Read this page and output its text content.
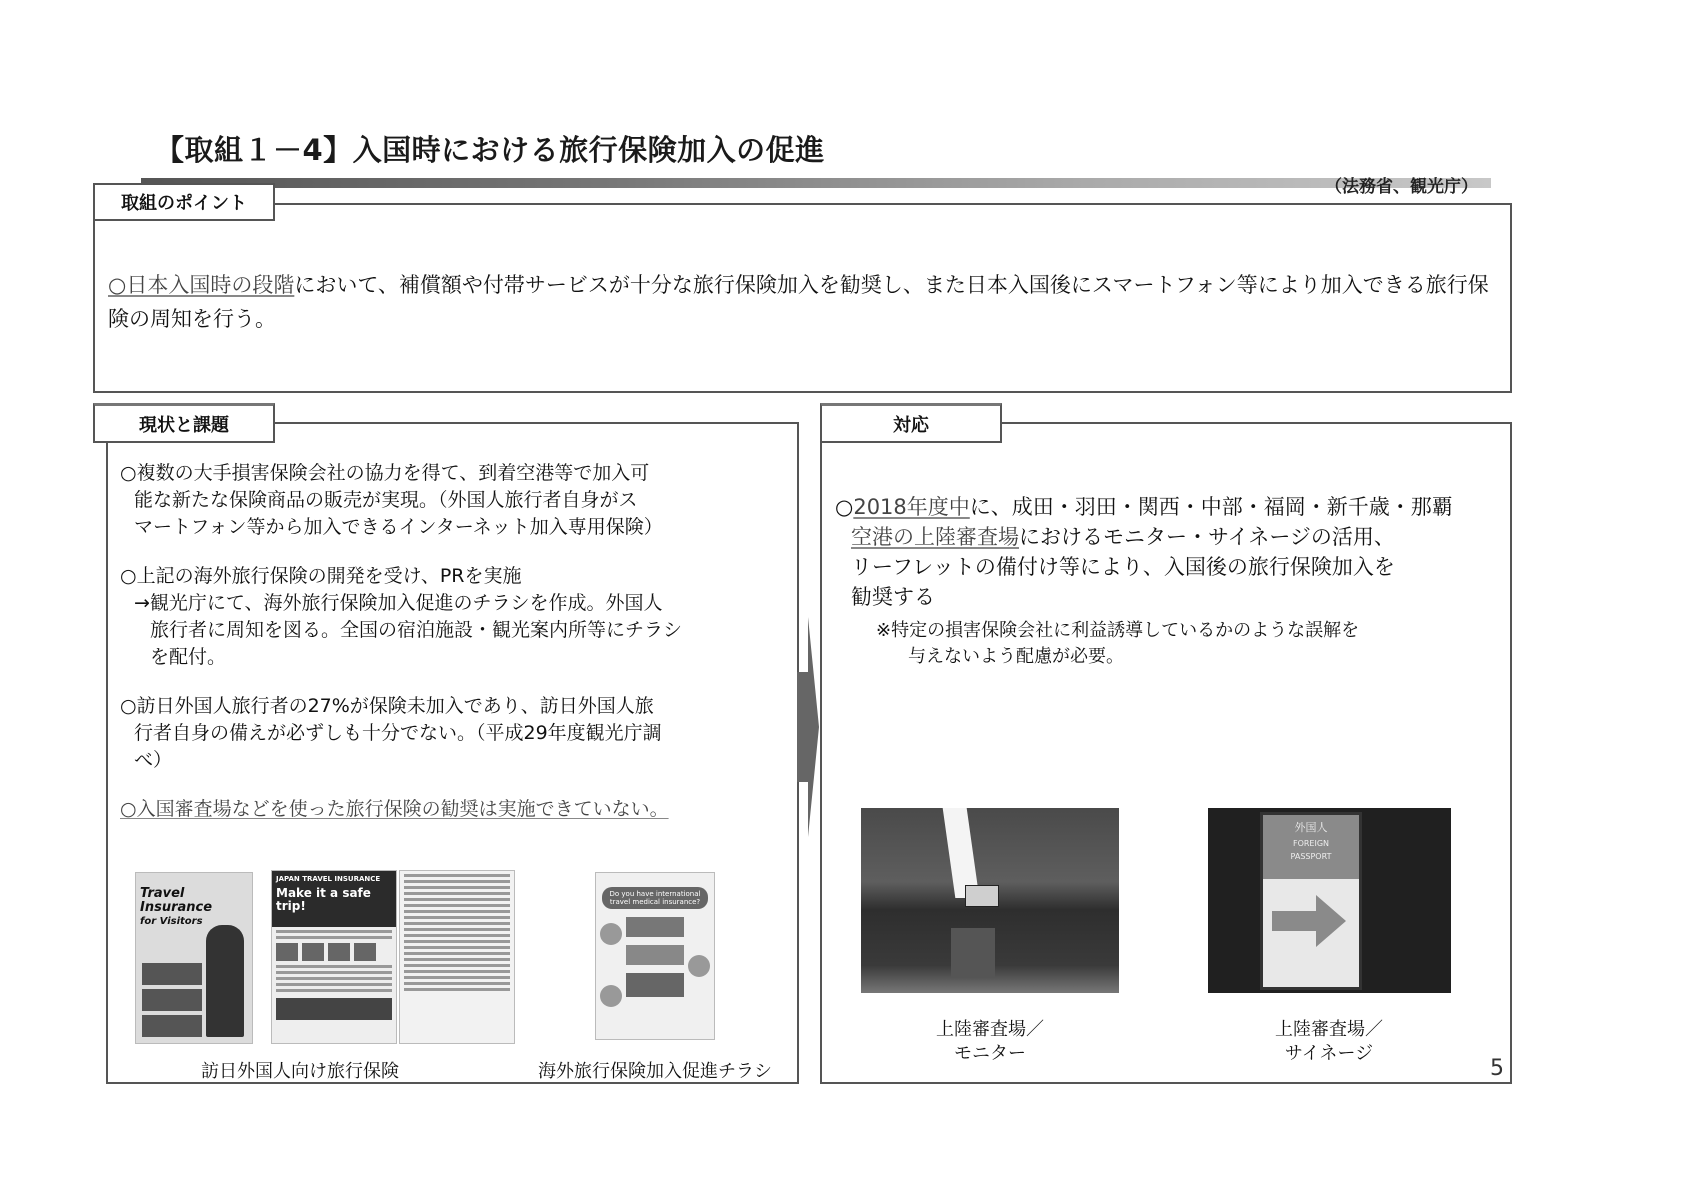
【取組１－4】入国時における旅行保険加入の促進
（法務省、観光庁）
取組のポイント
○日本入国時の段階において、補償額や付帯サービスが十分な旅行保険加入を勧奨し、また日本入国後にスマートフォン等により加入できる旅行保険の周知を行う。
現状と課題
○複数の大手損害保険会社の協力を得て、到着空港等で加入可
能な新たな保険商品の販売が実現。（外国人旅行者自身がス
マートフォン等から加入できるインターネット加入専用保険）
○上記の海外旅行保険の開発を受け、PRを実施
→観光庁にて、海外旅行保険加入促進のチラシを作成。外国人
旅行者に周知を図る。全国の宿泊施設・観光案内所等にチラシ
を配付。
○訪日外国人旅行者の27%が保険未加入であり、訪日外国人旅
行者自身の備えが必ずしも十分でない。（平成29年度観光庁調
べ）
○入国審査場などを使った旅行保険の勧奨は実施できていない。
Travel Insurance
for Visitors
JAPAN TRAVEL INSURANCE
Make it a safe trip!
訪日外国人向け旅行保険
Do you have international travel medical insurance?
海外旅行保険加入促進チラシ
対応
○2018年度中に、成田・羽田・関西・中部・福岡・新千歳・那覇
空港の上陸審査場におけるモニター・サイネージの活用、
リーフレットの備付け等により、入国後の旅行保険加入を
勧奨する
※特定の損害保険会社に利益誘導しているかのような誤解を
与えないよう配慮が必要。
上陸審査場／
モニター
外国人
FOREIGN
PASSPORT
上陸審査場／
サイネージ
5
